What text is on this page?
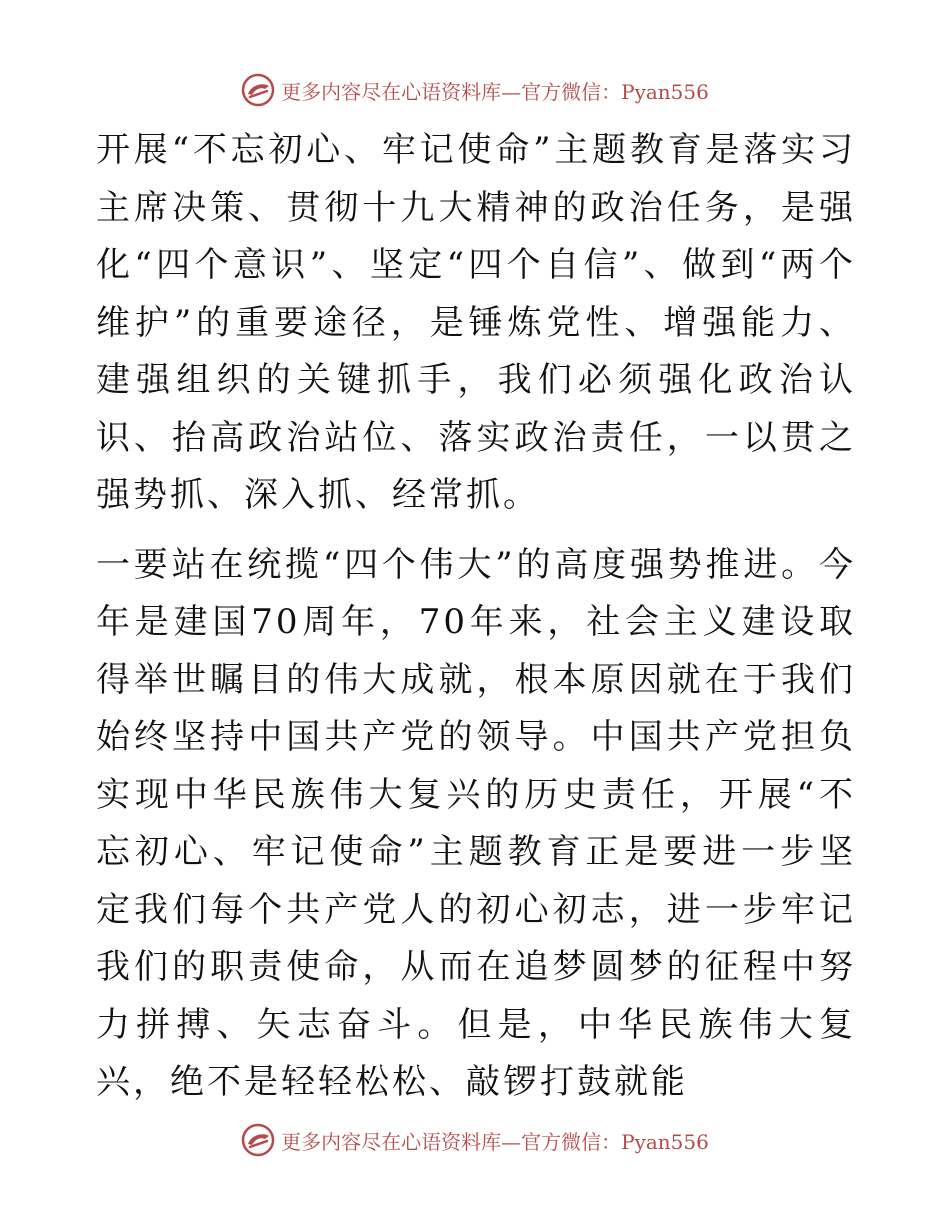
更多内容尽在心语资料库—官方微信：Pyan556

开展“不忘初心、牢记使命”主题教育是落实习主席决策、贯彻十九大精神的政治任务，是强化“四个意识”、坚定“四个自信”、做到“两个维护”的重要途径，是锤炼党性、增强能力、建强组织的关键抓手，我们必须强化政治认识、抬高政治站位、落实政治责任，一以贯之强势抓、深入抓、经常抓。

一要站在统揽“四个伟大”的高度强势推进。今年是建国70周年，70年来，社会主义建设取得举世瞩目的伟大成就，根本原因就在于我们始终坚持中国共产党的领导。中国共产党担负实现中华民族伟大复兴的历史责任，开展“不忘初心、牢记使命”主题教育正是要进一步坚定我们每个共产党人的初心初志，进一步牢记我们的职责使命，从而在追梦圆梦的征程中努力拼搏、矢志奋斗。但是，中华民族伟大复兴，绝不是轻轻松松、敲锣打鼓就能

更多内容尽在心语资料库—官方微信：Pyan556
